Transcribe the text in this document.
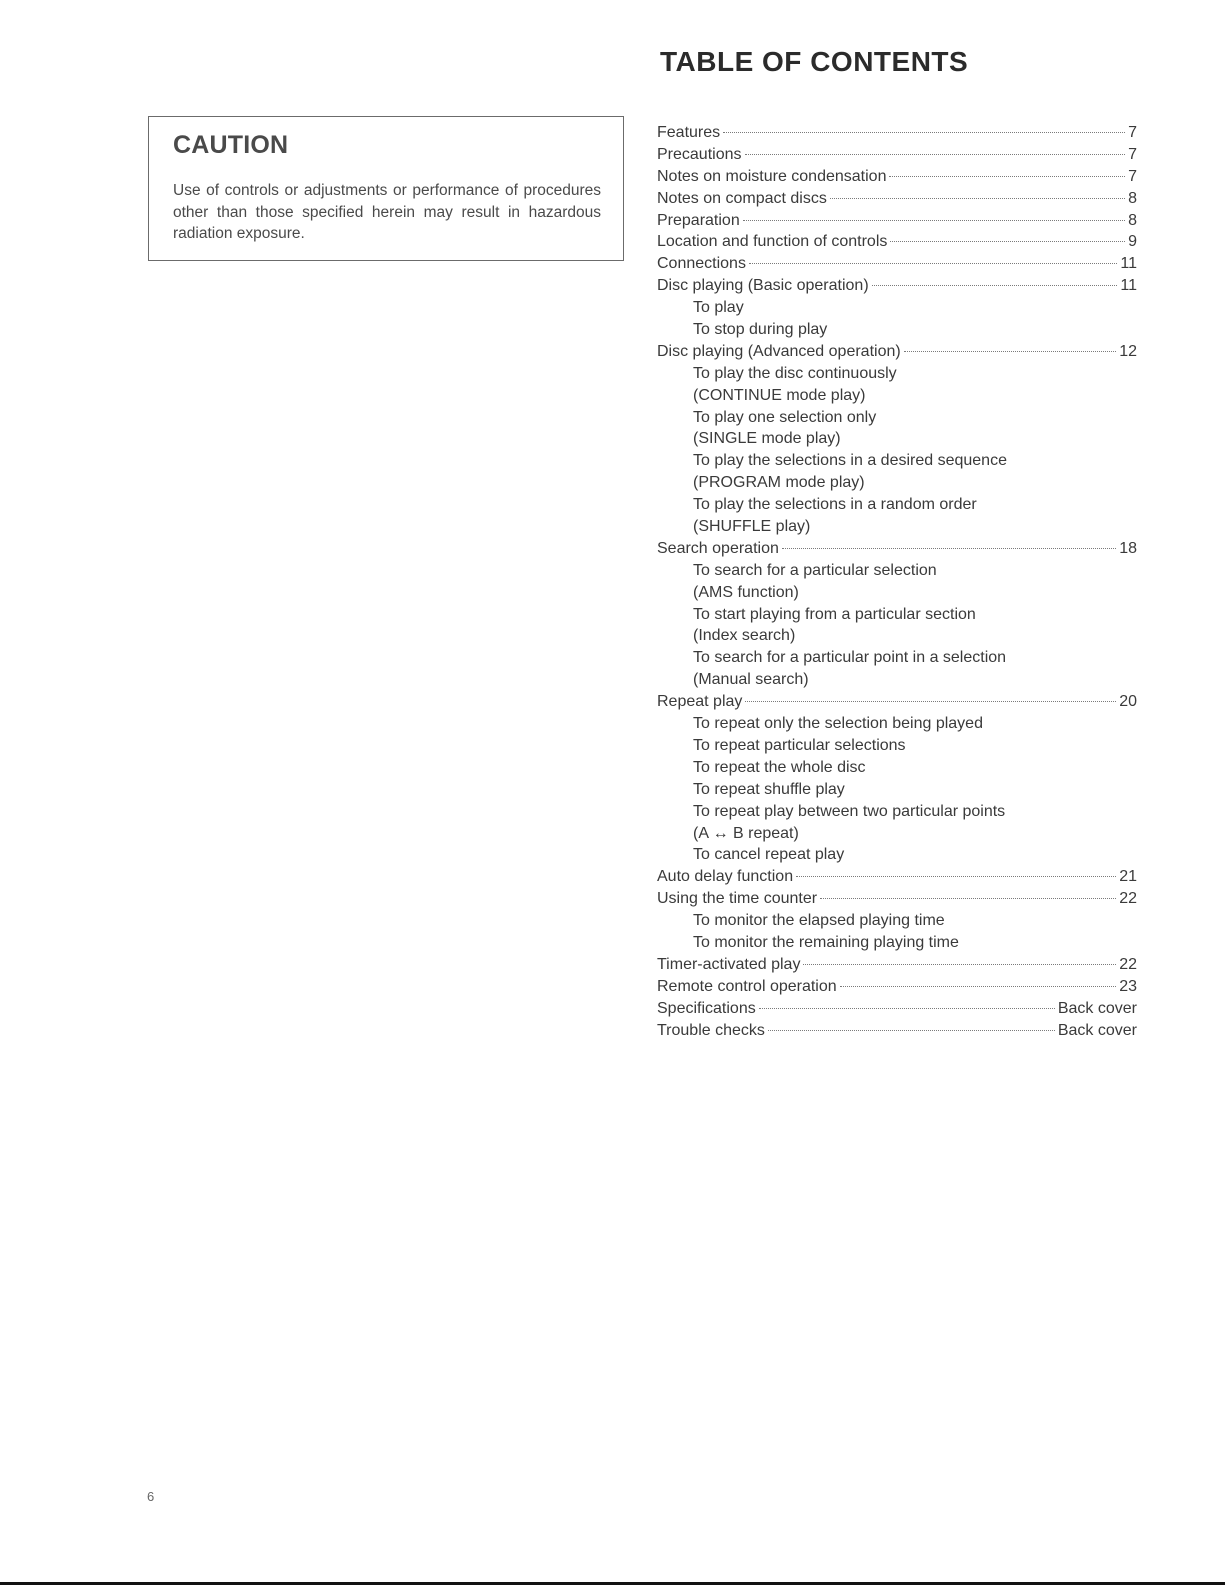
CAUTION

Use of controls or adjustments or performance of procedures other than those specified herein may result in hazardous radiation exposure.

TABLE OF CONTENTS
Features	7
Precautions	7
Notes on moisture condensation	7
Notes on compact discs	8
Preparation	8
Location and function of controls	9
Connections	11
Disc playing (Basic operation)	11
To play
To stop during play
Disc playing (Advanced operation)	12
To play the disc continuously
(CONTINUE mode play)
To play one selection only
(SINGLE mode play)
To play the selections in a desired sequence
(PROGRAM mode play)
To play the selections in a random order
(SHUFFLE play)
Search operation	18
To search for a particular selection
(AMS function)
To start playing from a particular section
(Index search)
To search for a particular point in a selection
(Manual search)
Repeat play	20
To repeat only the selection being played
To repeat particular selections
To repeat the whole disc
To repeat shuffle play
To repeat play between two particular points
(A ↔ B repeat)
To cancel repeat play
Auto delay function	21
Using the time counter	22
To monitor the elapsed playing time
To monitor the remaining playing time
Timer-activated play	22
Remote control operation	23
Specifications	Back cover
Trouble checks	Back cover
6
